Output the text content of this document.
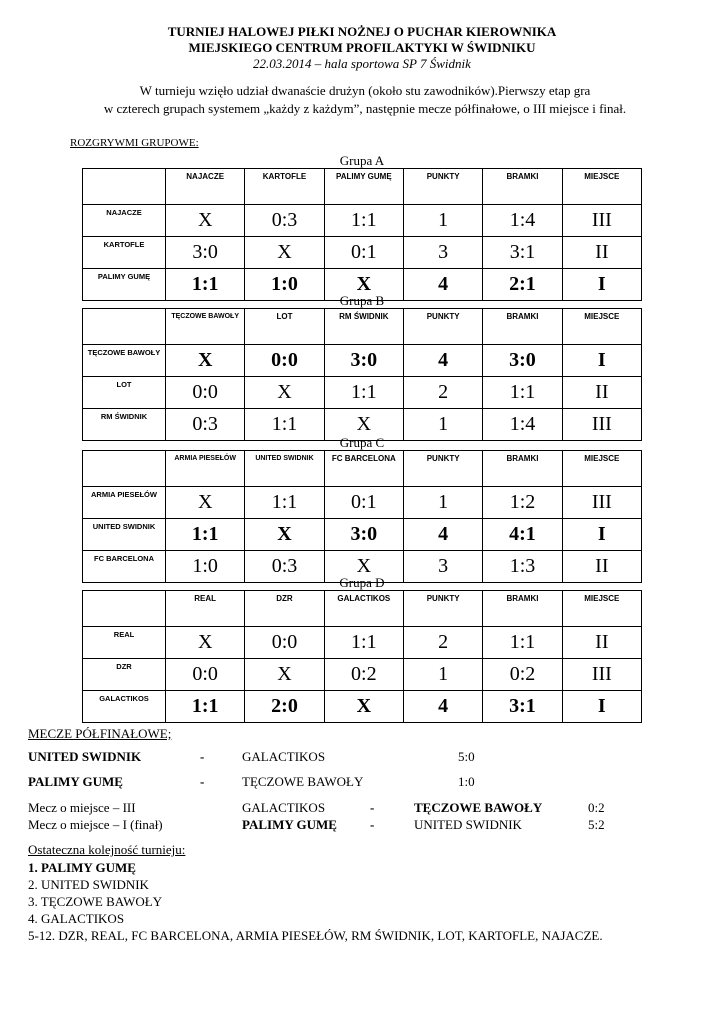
TURNIEJ HALOWEJ PIŁKI NOŻNEJ O PUCHAR KIEROWNIKA
MIEJSKIEGO CENTRUM PROFILAKTYKI W ŚWIDNIKU
22.03.2014 – hala sportowa SP 7 Świdnik
W turnieju wzięło udział dwanaście drużyn (około stu zawodników).Pierwszy etap gra
w czterech grupach systemem „każdy z każdym”, następnie mecze półfinałowe, o III miejsce i finał.
ROZGRYWMI GRUPOWE:
Grupa A
	NAJACZE	KARTOFLE	PALIMY GUMĘ	PUNKTY	BRAMKI	MIEJSCE
NAJACZE	X	0:3	1:1	1	1:4	III
KARTOFLE	3:0	X	0:1	3	3:1	II
PALIMY GUMĘ	1:1	1:0	X	4	2:1	I
Grupa B
	TĘCZOWE BAWOŁY	LOT	RM ŚWIDNIK	PUNKTY	BRAMKI	MIEJSCE
TĘCZOWE BAWOŁY	X	0:0	3:0	4	3:0	I
LOT	0:0	X	1:1	2	1:1	II
RM ŚWIDNIK	0:3	1:1	X	1	1:4	III
Grupa C
	ARMIA PIESEŁÓW	UNITED SWIDNIK	FC BARCELONA	PUNKTY	BRAMKI	MIEJSCE
ARMIA PIESEŁÓW	X	1:1	0:1	1	1:2	III
UNITED SWIDNIK	1:1	X	3:0	4	4:1	I
FC BARCELONA	1:0	0:3	X	3	1:3	II
Grupa D
	REAL	DZR	GALACTIKOS	PUNKTY	BRAMKI	MIEJSCE
REAL	X	0:0	1:1	2	1:1	II
DZR	0:0	X	0:2	1	0:2	III
GALACTIKOS	1:1	2:0	X	4	3:1	I
MECZE PÓŁFINAŁOWE;
UNITED SWIDNIK	-	GALACTIKOS	5:0
PALIMY GUMĘ	-	TĘCZOWE BAWOŁY	1:0
Mecz o miejsce – III	GALACTIKOS	-	TĘCZOWE BAWOŁY	0:2
Mecz o miejsce – I (finał)	PALIMY GUMĘ	-	UNITED SWIDNIK	5:2
Ostateczna kolejność turnieju:
1. PALIMY GUMĘ
2. UNITED SWIDNIK
3. TĘCZOWE BAWOŁY
4. GALACTIKOS
5-12. DZR, REAL, FC BARCELONA, ARMIA PIESEŁÓW, RM ŚWIDNIK, LOT, KARTOFLE, NAJACZE.
